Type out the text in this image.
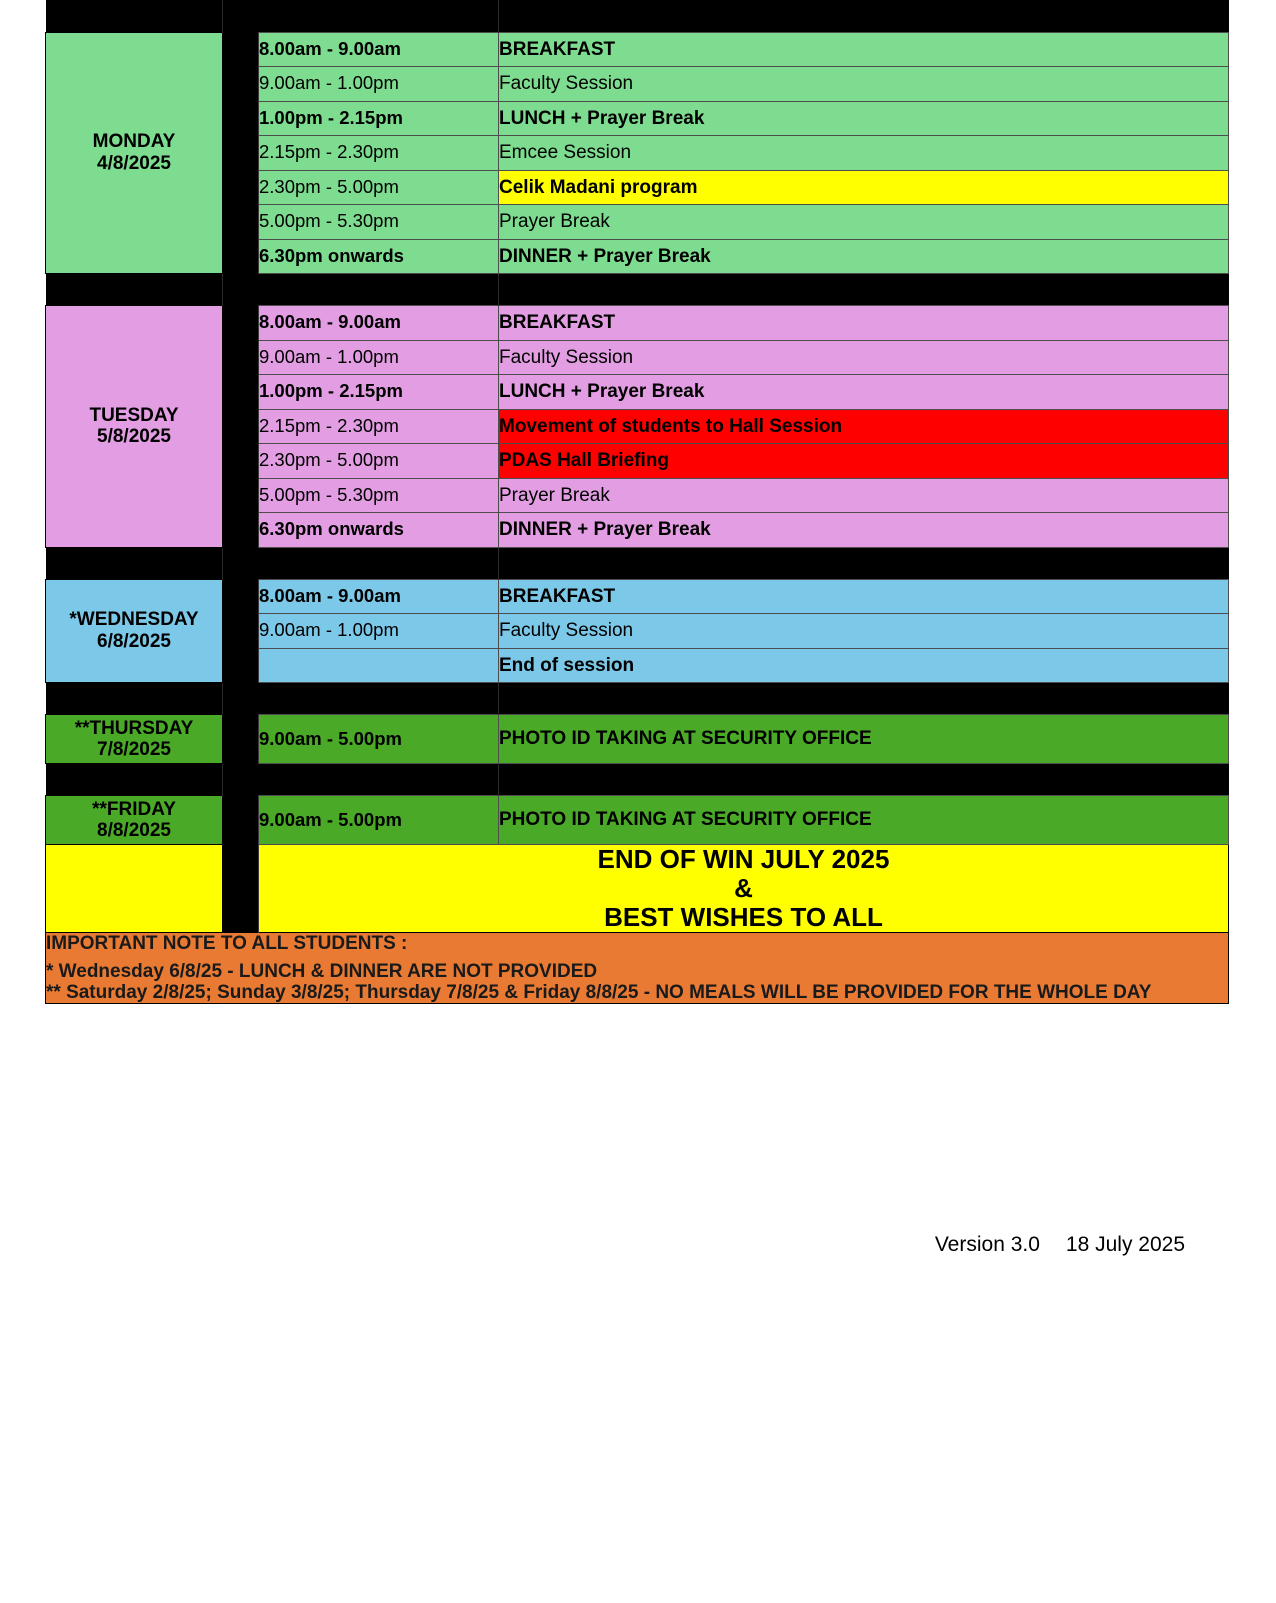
MONDAY
4/8/2025		8.00am - 9.00am	BREAKFAST
		9.00am - 1.00pm	Faculty Session
		1.00pm - 2.15pm	LUNCH + Prayer Break
		2.15pm - 2.30pm	Emcee Session
		2.30pm - 5.00pm	Celik Madani program
		5.00pm - 5.30pm	Prayer Break
		6.30pm onwards	DINNER + Prayer Break

TUESDAY
5/8/2025		8.00am - 9.00am	BREAKFAST
		9.00am - 1.00pm	Faculty Session
		1.00pm - 2.15pm	LUNCH + Prayer Break
		2.15pm - 2.30pm	Movement of students to Hall Session
		2.30pm - 5.00pm	PDAS Hall Briefing
		5.00pm - 5.30pm	Prayer Break
		6.30pm onwards	DINNER + Prayer Break

*WEDNESDAY
6/8/2025		8.00am - 9.00am	BREAKFAST
		9.00am - 1.00pm	Faculty Session
			End of session

**THURSDAY
7/8/2025		9.00am - 5.00pm	PHOTO ID TAKING AT SECURITY OFFICE

**FRIDAY
8/8/2025		9.00am - 5.00pm	PHOTO ID TAKING AT SECURITY OFFICE

		END OF WIN JULY 2025
&
BEST WISHES TO ALL	

IMPORTANT NOTE TO ALL STUDENTS :
* Wednesday 6/8/25 - LUNCH & DINNER ARE NOT PROVIDED
** Saturday 2/8/25; Sunday 3/8/25; Thursday 7/8/25 & Friday 8/8/25 - NO MEALS WILL BE PROVIDED FOR THE WHOLE DAY			
Version 3.0 18 July 2025
